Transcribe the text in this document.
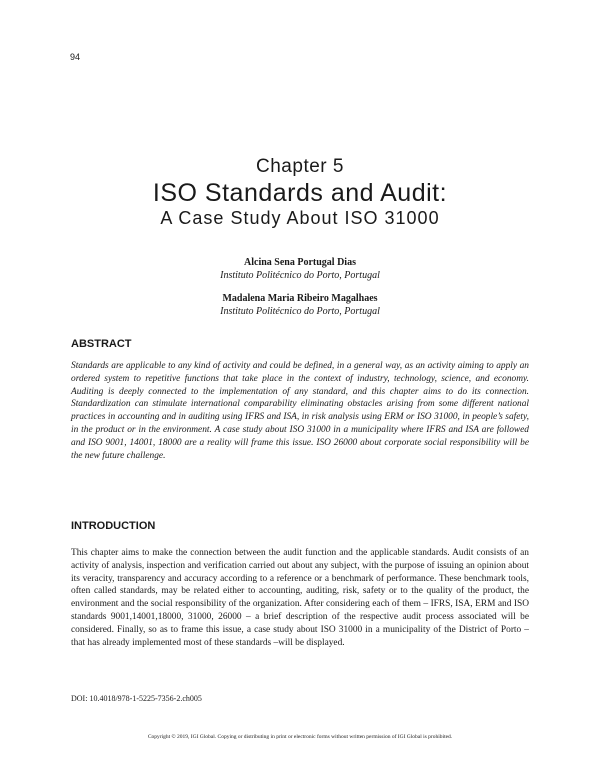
94
Chapter 5
ISO Standards and Audit:
A Case Study About ISO 31000
Alcina Sena Portugal Dias
Instituto Politécnico do Porto, Portugal
Madalena Maria Ribeiro Magalhaes
Instituto Politécnico do Porto, Portugal
ABSTRACT
Standards are applicable to any kind of activity and could be defined, in a general way, as an activity aiming to apply an ordered system to repetitive functions that take place in the context of industry, technology, science, and economy. Auditing is deeply connected to the implementation of any standard, and this chapter aims to do its connection. Standardization can stimulate international comparability eliminating obstacles arising from some different national practices in accounting and in auditing using IFRS and ISA, in risk analysis using ERM or ISO 31000, in people’s safety, in the product or in the environment. A case study about ISO 31000 in a municipality where IFRS and ISA are followed and ISO 9001, 14001, 18000 are a reality will frame this issue. ISO 26000 about corporate social responsibility will be the new future challenge.
INTRODUCTION
This chapter aims to make the connection between the audit function and the applicable standards. Audit consists of an activity of analysis, inspection and verification carried out about any subject, with the purpose of issuing an opinion about its veracity, transparency and accuracy according to a reference or a benchmark of performance. These benchmark tools, often called standards, may be related either to accounting, auditing, risk, safety or to the quality of the product, the environment and the social responsibility of the organization. After considering each of them – IFRS, ISA, ERM and ISO standards 9001,14001,18000, 31000, 26000 – a brief description of the respective audit process associated will be considered. Finally, so as to frame this issue, a case study about ISO 31000 in a municipality of the District of Porto – that has already implemented most of these standards –will be displayed.
DOI: 10.4018/978-1-5225-7356-2.ch005
Copyright © 2019, IGI Global. Copying or distributing in print or electronic forms without written permission of IGI Global is prohibited.
